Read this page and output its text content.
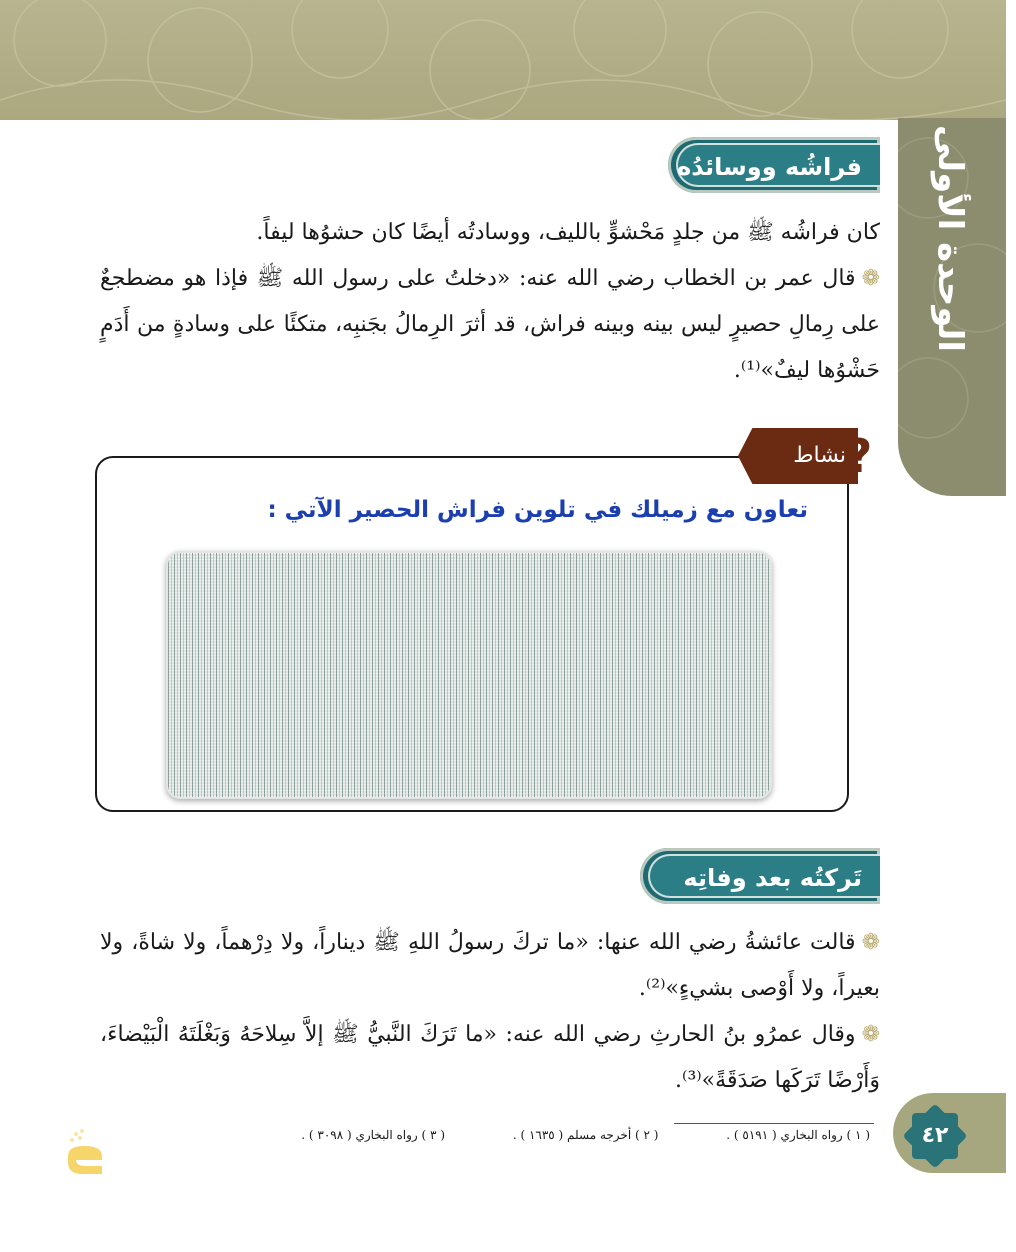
الوحدة الأولى
فراشُه ووسائدُه

كان فراشُه ﷺ من جلدٍ مَحْشوٍّ بالليف، ووسادتُه أيضًا كان حشوُها ليفاً.

❁قال عمر بن الخطاب رضي الله عنه: «دخلتُ على رسول الله ﷺ فإذا هو مضطجعٌ على رِمالِ حصيرٍ ليس بينه وبينه فراش، قد أثرَ الرِمالُ بجَنبِه، متكئًا على وسادةٍ من أَدَمٍ حَشْوُها ليفٌ»⁽¹⁾.

نشاط ?
تعاون مع زميلك في تلوين فراش الحصير الآتي :
تَركتُه بعد وفاتِه

❁قالت عائشةُ رضي الله عنها: «ما تركَ رسولُ اللهِ ﷺ ديناراً، ولا دِرْهماً، ولا شاةً، ولا بعيراً، ولا أَوْصى بشيءٍ»⁽²⁾.

❁وقال عمرُو بنُ الحارثِ رضي الله عنه: «ما تَرَكَ النَّبيُّ ﷺ إلاَّ سِلاحَهُ وَبَغْلَتَهُ الْبَيْضاءَ، وَأَرْضًا تَرَكَها صَدَقَةً»⁽³⁾.

( ١ ) رواه البخاري ( ٥١٩١ ) . ( ٢ ) أخرجه مسلم ( ١٦٣٥ ) . ( ٣ ) رواه البخاري ( ٣٠٩٨ ) .	٤٢
